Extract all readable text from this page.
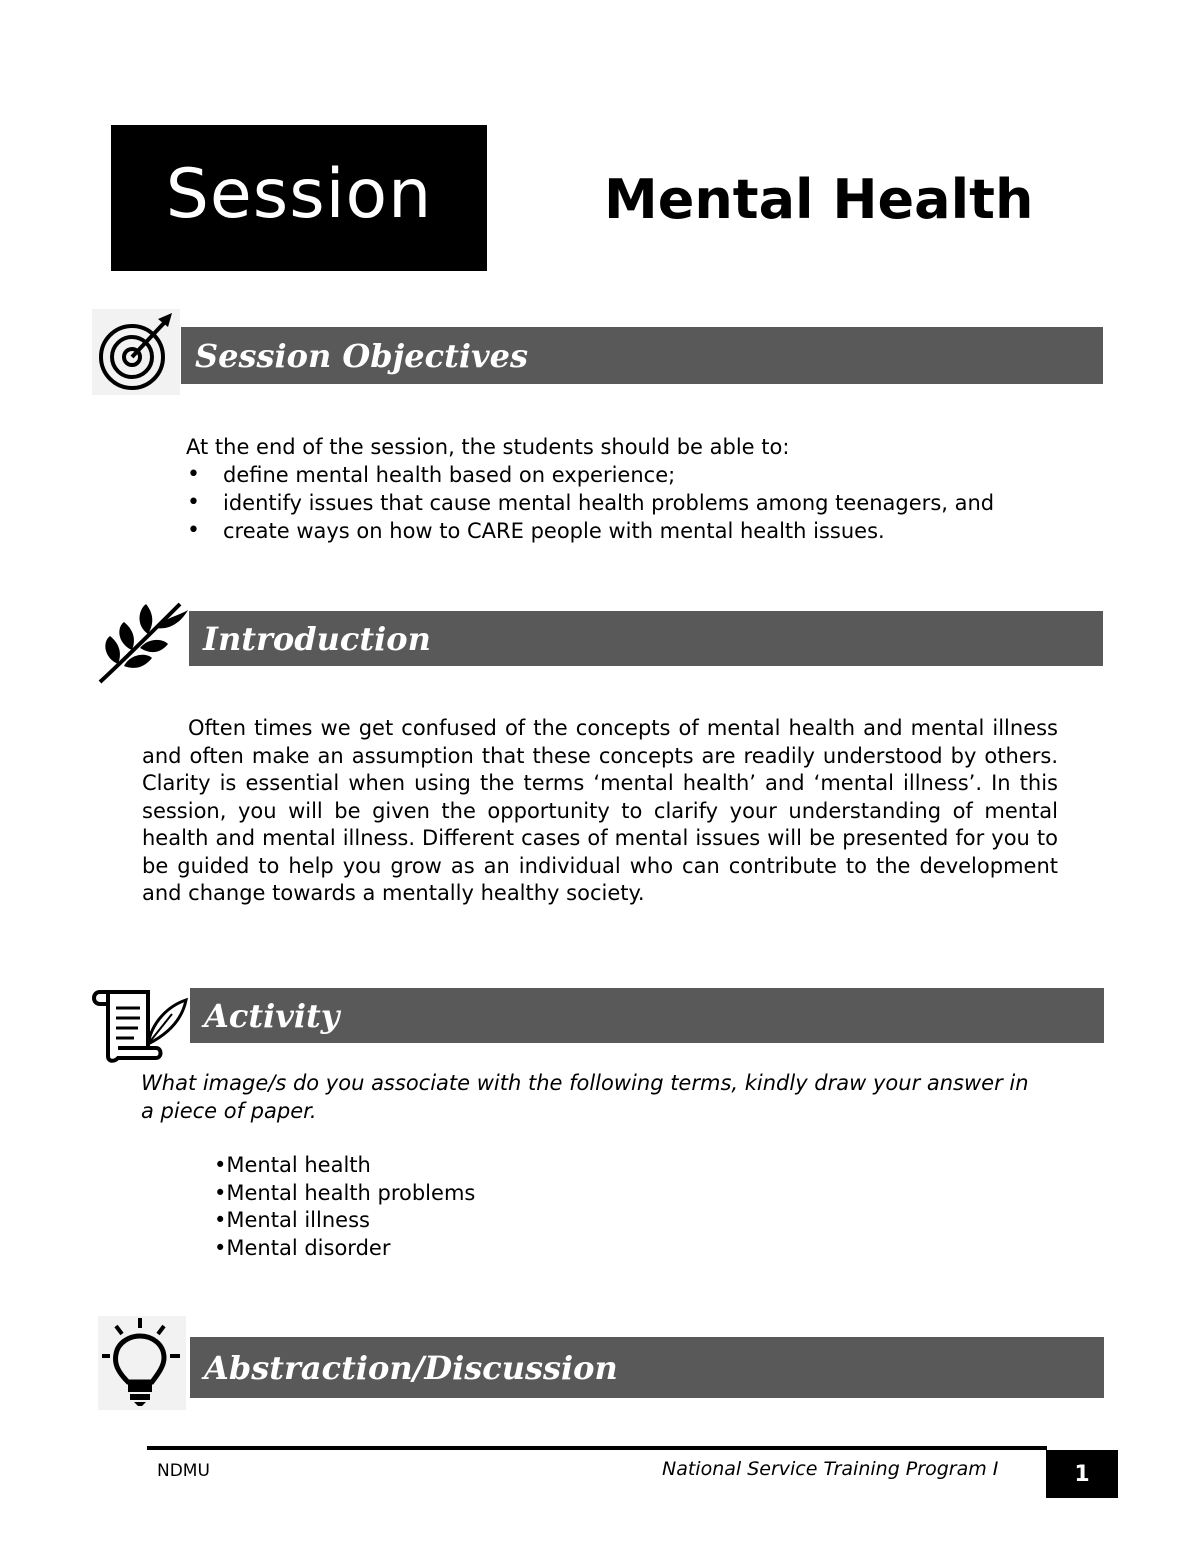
Session	Mental Health
Session Objectives
At the end of the session, the students should be able to:
• define mental health based on experience;
• identify issues that cause mental health problems among teenagers, and
• create ways on how to CARE people with mental health issues.
Introduction

Often times we get confused of the concepts of mental health and mental illness and often make an assumption that these concepts are readily understood by others. Clarity is essential when using the terms ‘mental health’ and ‘mental illness’. In this session, you will be given the opportunity to clarify your understanding of mental health and mental illness. Different cases of mental issues will be presented for you to be guided to help you grow as an individual who can contribute to the development and change towards a mentally healthy society.

Activity

What image/s do you associate with the following terms, kindly draw your answer in a piece of paper.

• Mental health
• Mental health problems
• Mental illness
• Mental disorder
Abstraction/Discussion
NDMU	National Service Training Program I	1
